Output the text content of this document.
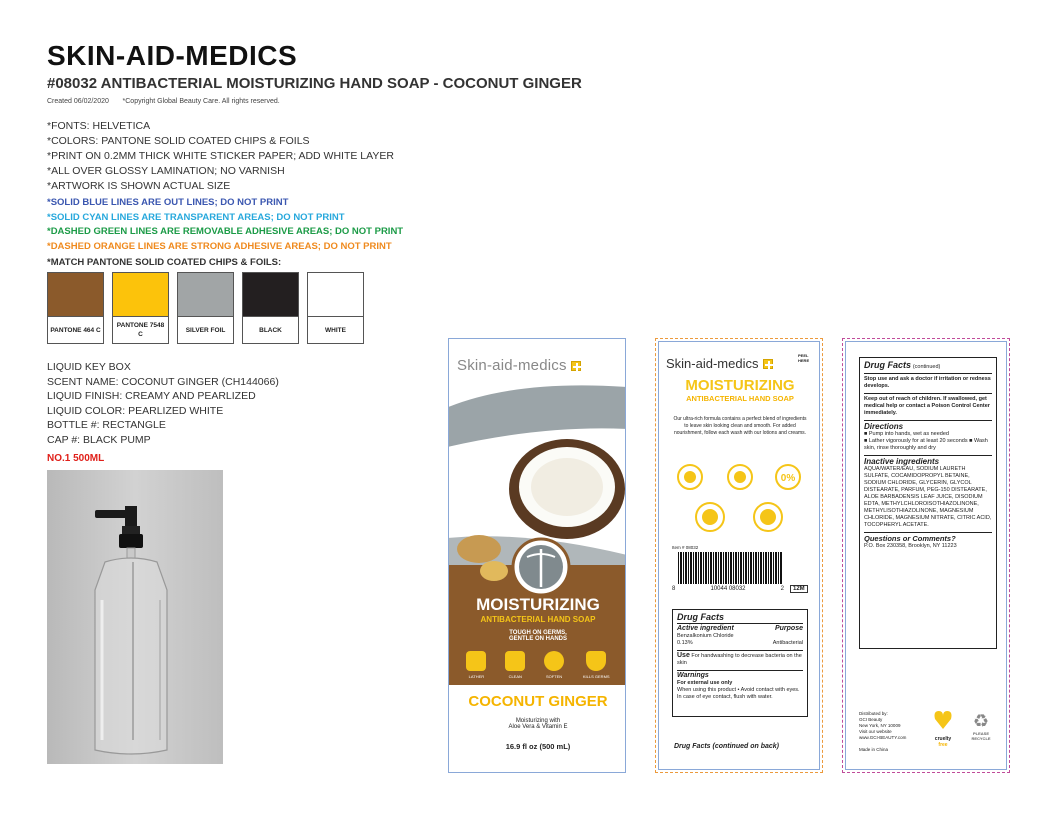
SKIN-AID-MEDICS
#08032 ANTIBACTERIAL MOISTURIZING HAND SOAP - COCONUT GINGER
Created 06/02/2020 *Copyright Global Beauty Care. All rights reserved.
*FONTS: HELVETICA
*COLORS: PANTONE SOLID COATED CHIPS & FOILS
*PRINT ON 0.2MM THICK WHITE STICKER PAPER; ADD WHITE LAYER
*ALL OVER GLOSSY LAMINATION; NO VARNISH
*ARTWORK IS SHOWN ACTUAL SIZE
*SOLID BLUE LINES ARE OUT LINES; DO NOT PRINT
*SOLID CYAN LINES ARE TRANSPARENT AREAS; DO NOT PRINT
*DASHED GREEN LINES ARE REMOVABLE ADHESIVE AREAS; DO NOT PRINT
*DASHED ORANGE LINES ARE STRONG ADHESIVE AREAS; DO NOT PRINT
*MATCH PANTONE SOLID COATED CHIPS & FOILS:
PANTONE 464 C
PANTONE 7548 C
SILVER FOIL	BLACK	WHITE
LIQUID KEY BOX
SCENT NAME: COCONUT GINGER (CH144066)
LIQUID FINISH: CREAMY AND PEARLIZED
LIQUID COLOR: PEARLIZED WHITE
BOTTLE #: RECTANGLE
CAP #: BLACK PUMP
NO.1 500ML
Skin-aid-medics
MOISTURIZING
ANTIBACTERIAL HAND SOAP
TOUGH ON GERMS,
GENTLE ON HANDS
LATHER	CLEAN	SOFTEN	KILLS GERMS
COCONUT GINGER
Moisturizing with
Aloe Vera & Vitamin E
16.9 fl oz (500 mL)
Skin-aid-medics
PEEL HERE
MOISTURIZING
ANTIBACTERIAL HAND SOAP
Our ultra-rich formula contains a perfect blend of ingredients to leave skin looking clean and smooth. For added nourishment, follow each wash with our lotions and creams.
0%
Item # 08032
8	10044 08032	2	12M
Drug Facts
Active ingredient	Purpose
Benzalkonium Chloride
0.13%	Antibacterial
Use For handwashing to decrease bacteria on the skin
Warnings
For external use only
When using this product • Avoid contact with eyes. In case of eye contact, flush with water.
Drug Facts (continued on back)
Drug Facts (continued)
Stop use and ask a doctor if irritation or redness develops.
Keep out of reach of children. If swallowed, get medical help or contact a Poison Control Center immediately.
Directions
■ Pump into hands, wet as needed
■ Lather vigorously for at least 20 seconds ■ Wash skin, rinse thoroughly and dry
Inactive ingredients
AQUA/WATER/EAU, SODIUM LAURETH SULFATE, COCAMIDOPROPYL BETAINE, SODIUM CHLORIDE, GLYCERIN, GLYCOL DISTEARATE, PARFUM, PEG-150 DISTEARATE, ALOE BARBADENSIS LEAF JUICE, DISODIUM EDTA, METHYLCHLOROISOTHIAZOLINONE, METHYLISOTHIAZOLINONE, MAGNESIUM CHLORIDE, MAGNESIUM NITRATE, CITRIC ACID, TOCOPHERYL ACETATE.
Questions or Comments?
P.O. Box 230358, Brooklyn, NY 11223
Distributed by:
GCI Beauty
New York, NY 10009
Visit our website
www.GCI-BEAUTY.com
Made in China
cruelty
free
♻
PLEASE RECYCLE
